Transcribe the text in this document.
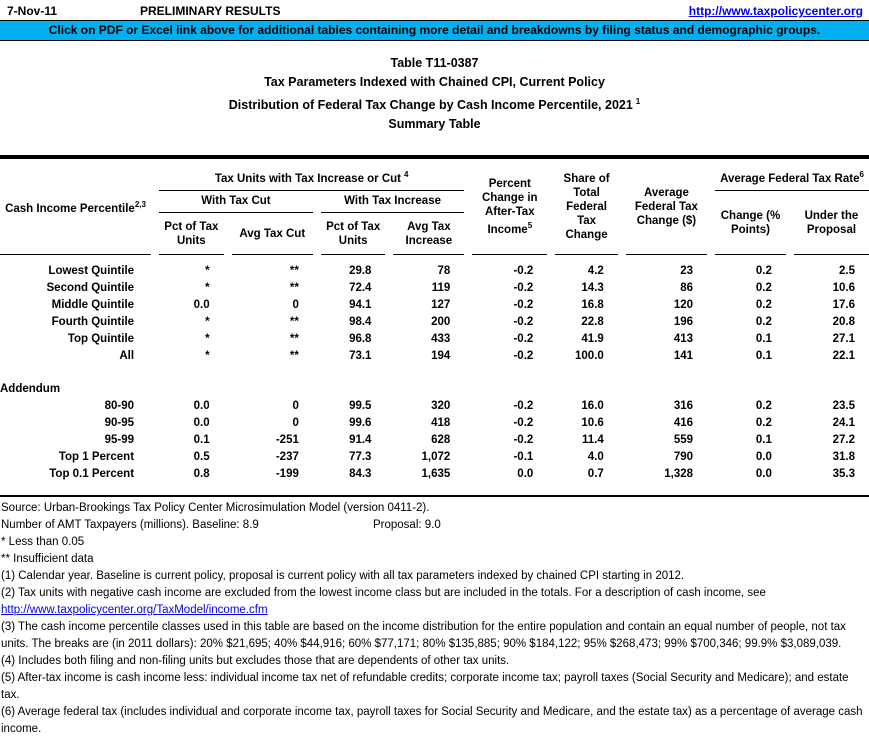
7-Nov-11	PRELIMINARY RESULTS	http://www.taxpolicycenter.org
Click on PDF or Excel link above for additional tables containing more detail and breakdowns by filing status and demographic groups.
Table T11-0387
Tax Parameters Indexed with Chained CPI, Current Policy
Distribution of Federal Tax Change by Cash Income Percentile, 2021 $^1$
Summary Table
Cash Income Percentile$^{2,3}$	Tax Units with Tax Increase or Cut $^4$				Percent Change in After-Tax Income$^5$	Share of Total Federal Tax Change	Average Federal Tax Change ($)	Average Federal Tax Rate$^6$
	With Tax Cut		With Tax Increase					Change (% Points)	Under the Proposal
	Pct of Tax Units	Avg Tax Cut	Pct of Tax Units	Avg Tax Increase					

Lowest Quintile	*	**	29.8	78	-0.2	4.2	23	0.2	2.5
Second Quintile	*	**	72.4	119	-0.2	14.3	86	0.2	10.6
Middle Quintile	0.0	0	94.1	127	-0.2	16.8	120	0.2	17.6
Fourth Quintile	*	**	98.4	200	-0.2	22.8	196	0.2	20.8
Top Quintile	*	**	96.8	433	-0.2	41.9	413	0.1	27.1
All	*	**	73.1	194	-0.2	100.0	141	0.1	22.1

Addendum									
80-90	0.0	0	99.5	320	-0.2	16.0	316	0.2	23.5
90-95	0.0	0	99.6	418	-0.2	10.6	416	0.2	24.1
95-99	0.1	-251	91.4	628	-0.2	11.4	559	0.1	27.2
Top 1 Percent	0.5	-237	77.3	1,072	-0.1	4.0	790	0.0	31.8
Top 0.1 Percent	0.8	-199	84.3	1,635	0.0	0.7	1,328	0.0	35.3

Source: Urban-Brookings Tax Policy Center Microsimulation Model (version 0411-2).
Number of AMT Taxpayers (millions). Baseline: 8.9	Proposal: 9.0
* Less than 0.05
** Insufficient data
(1) Calendar year. Baseline is current policy, proposal is current policy with all tax parameters indexed by chained CPI starting in 2012.
(2) Tax units with negative cash income are excluded from the lowest income class but are included in the totals. For a description of cash income, see
http://www.taxpolicycenter.org/TaxModel/income.cfm
(3) The cash income percentile classes used in this table are based on the income distribution for the entire population and contain an equal number of people, not tax units. The breaks are (in 2011 dollars): 20% $21,695; 40% $44,916; 60% $77,171; 80% $135,885; 90% $184,122; 95% $268,473; 99% $700,346; 99.9% $3,089,039.
(4) Includes both filing and non-filing units but excludes those that are dependents of other tax units.
(5) After-tax income is cash income less: individual income tax net of refundable credits; corporate income tax; payroll taxes (Social Security and Medicare); and estate tax.
(6) Average federal tax (includes individual and corporate income tax, payroll taxes for Social Security and Medicare, and the estate tax) as a percentage of average cash income.
